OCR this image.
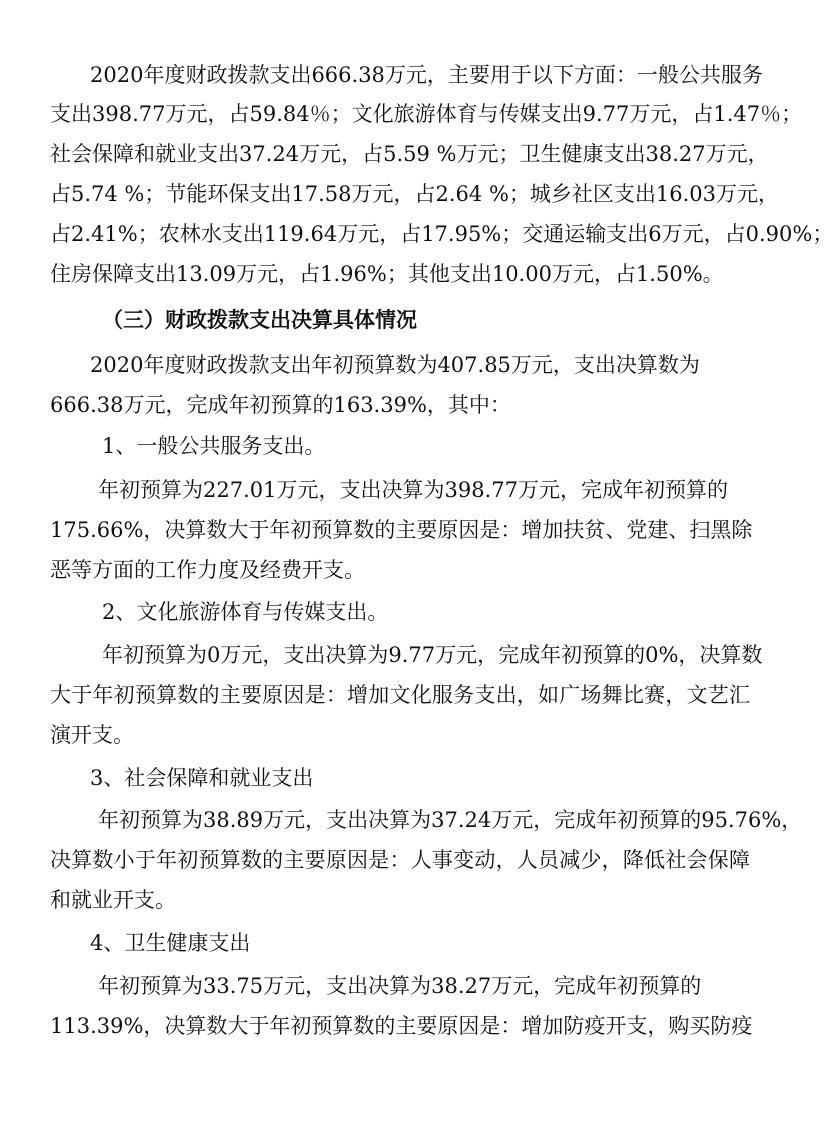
2020年度财政拨款支出666.38万元，主要用于以下方面：一般公共服务
支出398.77万元，占59.84％；文化旅游体育与传媒支出9.77万元，占1.47％；
社会保障和就业支出37.24万元，占5.59 %万元；卫生健康支出38.27万元，
占5.74 %；节能环保支出17.58万元，占2.64 %；城乡社区支出16.03万元，
占2.41%；农林水支出119.64万元，占17.95%；交通运输支出6万元，占0.90%；
住房保障支出13.09万元，占1.96%；其他支出10.00万元，占1.50%。
（三）财政拨款支出决算具体情况
2020年度财政拨款支出年初预算数为407.85万元，支出决算数为
666.38万元，完成年初预算的163.39%，其中：
1、一般公共服务支出。
年初预算为227.01万元，支出决算为398.77万元，完成年初预算的
175.66%，决算数大于年初预算数的主要原因是：增加扶贫、党建、扫黑除
恶等方面的工作力度及经费开支。
2、文化旅游体育与传媒支出。
年初预算为0万元，支出决算为9.77万元，完成年初预算的0%，决算数
大于年初预算数的主要原因是：增加文化服务支出，如广场舞比赛，文艺汇
演开支。
3、社会保障和就业支出
年初预算为38.89万元，支出决算为37.24万元，完成年初预算的95.76%，
决算数小于年初预算数的主要原因是：人事变动，人员减少，降低社会保障
和就业开支。
4、卫生健康支出
年初预算为33.75万元，支出决算为38.27万元，完成年初预算的
113.39%，决算数大于年初预算数的主要原因是：增加防疫开支，购买防疫
